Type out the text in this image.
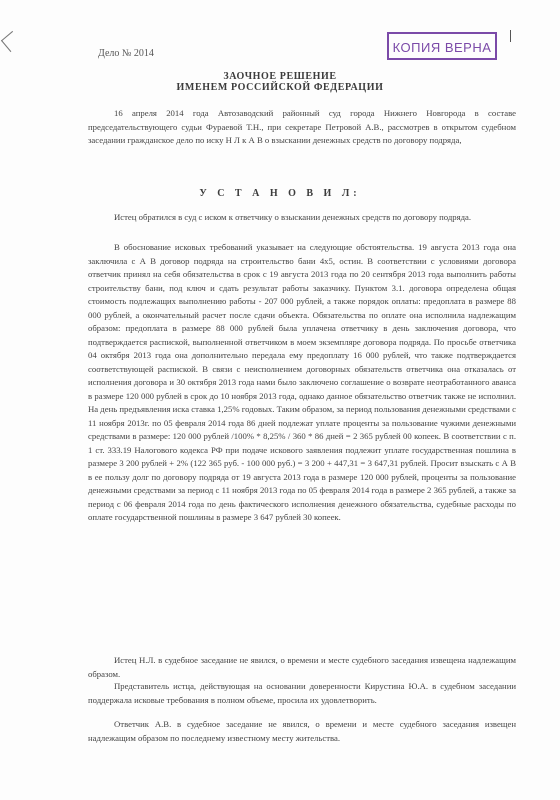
Дело № 2014	КОПИЯ ВЕРНА
ЗАОЧНОЕ РЕШЕНИЕ
ИМЕНЕМ РОССИЙСКОЙ ФЕДЕРАЦИИ

16 апреля 2014 года Автозаводский районный суд города Нижнего Новгорода в составе председательствующего судьи Фураевой Т.Н., при секретаре Петровой А.В., рассмотрев в открытом судебном заседании гражданское дело по иску Н Л к А В о взыскании денежных средств по договору подряда,

У С Т А Н О В И Л:

Истец обратился в суд с иском к ответчику о взыскании денежных средств по договору подряда.

В обоснование исковых требований указывает на следующие обстоятельства. 19 августа 2013 года она заключила с А В договор подряда на строительство бани 4х5, остин. В соответствии с условиями договора ответчик принял на себя обязательства в срок с 19 августа 2013 года по 20 сентября 2013 года выполнить работы строительству бани, под ключ и сдать результат работы заказчику. Пунктом 3.1. договора определена общая стоимость подлежащих выполнению работы - 207 000 рублей, а также порядок оплаты: предоплата в размере 88 000 рублей, а окончательный расчет после сдачи объекта. Обязательства по оплате она исполнила надлежащим образом: предоплата в размере 88 000 рублей была уплачена ответчику в день заключения договора, что подтверждается распиской, выполненной ответчиком в моем экземпляре договора подряда. По просьбе ответчика 04 октября 2013 года она дополнительно передала ему предоплату 16 000 рублей, что также подтверждается соответствующей распиской. В связи с неисполнением договорных обязательств ответчика она отказалась от исполнения договора и 30 октября 2013 года нами было заключено соглашение о возврате неотработанного аванса в размере 120 000 рублей в срок до 10 ноября 2013 года, однако данное обязательство ответчик также не исполнил. На день предъявления иска ставка 1,25% годовых. Таким образом, за период пользования денежными средствами с 11 ноября 2013г. по 05 февраля 2014 года 86 дней подлежат уплате проценты за пользование чужими денежными средствами в размере: 120 000 рублей /100% * 8,25% / 360 * 86 дней = 2 365 рублей 00 копеек. В соответствии с п. 1 ст. 333.19 Налогового кодекса РФ при подаче искового заявления подлежит уплате государственная пошлина в размере 3 200 рублей + 2% (122 365 руб. - 100 000 руб.) = 3 200 + 447,31 = 3 647,31 рублей. Просит взыскать с А В в ее пользу долг по договору подряда от 19 августа 2013 года в размере 120 000 рублей, проценты за пользование денежными средствами за период с 11 ноября 2013 года по 05 февраля 2014 года в размере 2 365 рублей, а также за период с 06 февраля 2014 года по день фактического исполнения денежного обязательства, судебные расходы по оплате государственной пошлины в размере 3 647 рублей 30 копеек.

Истец Н.Л. в судебное заседание не явился, о времени и месте судебного заседания извещена надлежащим образом.

Представитель истца, действующая на основании доверенности Кирустина Ю.А. в судебном заседании поддержала исковые требования в полном объеме, просила их удовлетворить.

Ответчик А.В. в судебное заседание не явился, о времени и месте судебного заседания извещен надлежащим образом по последнему известному месту жительства.
